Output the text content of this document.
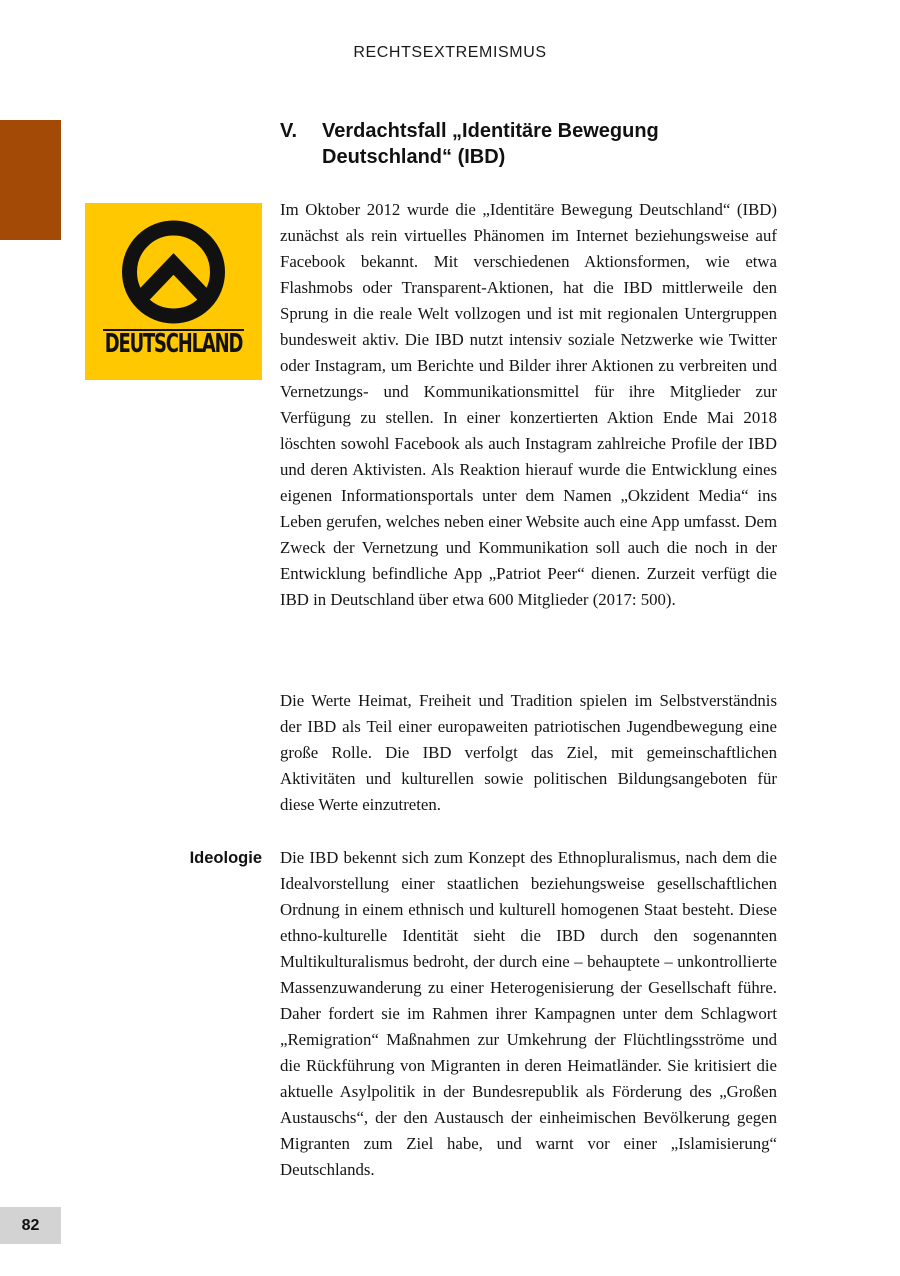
RECHTSEXTREMISMUS
V. Verdachtsfall „Identitäre Bewegung Deutschland“ (IBD)
DEUTSCHLAND
Im Oktober 2012 wurde die „Identitäre Bewegung Deutschland“ (IBD) zunächst als rein virtuelles Phänomen im Internet beziehungsweise auf Facebook bekannt. Mit verschiedenen Aktionsformen, wie etwa Flashmobs oder Transparent-Aktionen, hat die IBD mittlerweile den Sprung in die reale Welt vollzogen und ist mit regionalen Untergruppen bundesweit aktiv. Die IBD nutzt intensiv soziale Netzwerke wie Twitter oder Instagram, um Berichte und Bilder ihrer Aktionen zu verbreiten und Vernetzungs- und Kommunikationsmittel für ihre Mitglieder zur Verfügung zu stellen. In einer konzertierten Aktion Ende Mai 2018 löschten sowohl Facebook als auch Instagram zahlreiche Profile der IBD und deren Aktivisten. Als Reaktion hierauf wurde die Entwicklung eines eigenen Informationsportals unter dem Namen „Okzident Media“ ins Leben gerufen, welches neben einer Website auch eine App umfasst. Dem Zweck der Vernetzung und Kommunikation soll auch die noch in der Entwicklung befindliche App „Patriot Peer“ dienen. Zurzeit verfügt die IBD in Deutschland über etwa 600 Mitglieder (2017: 500).
Die Werte Heimat, Freiheit und Tradition spielen im Selbstverständnis der IBD als Teil einer europaweiten patriotischen Jugendbewegung eine große Rolle. Die IBD verfolgt das Ziel, mit gemeinschaftlichen Aktivitäten und kulturellen sowie politischen Bildungsangeboten für diese Werte einzutreten.
Ideologie Die IBD bekennt sich zum Konzept des Ethnopluralismus, nach dem die Idealvorstellung einer staatlichen beziehungsweise gesellschaftlichen Ordnung in einem ethnisch und kulturell homogenen Staat besteht. Diese ethno-kulturelle Identität sieht die IBD durch den sogenannten Multikulturalismus bedroht, der durch eine – behauptete – unkontrollierte Massenzuwanderung zu einer Heterogenisierung der Gesellschaft führe. Daher fordert sie im Rahmen ihrer Kampagnen unter dem Schlagwort „Remigration“ Maßnahmen zur Umkehrung der Flüchtlingsströme und die Rückführung von Migranten in deren Heimatländer. Sie kritisiert die aktuelle Asylpolitik in der Bundesrepublik als Förderung des „Großen Austauschs“, der den Austausch der einheimischen Bevölkerung gegen Migranten zum Ziel habe, und warnt vor einer „Islamisierung“ Deutschlands.
82
